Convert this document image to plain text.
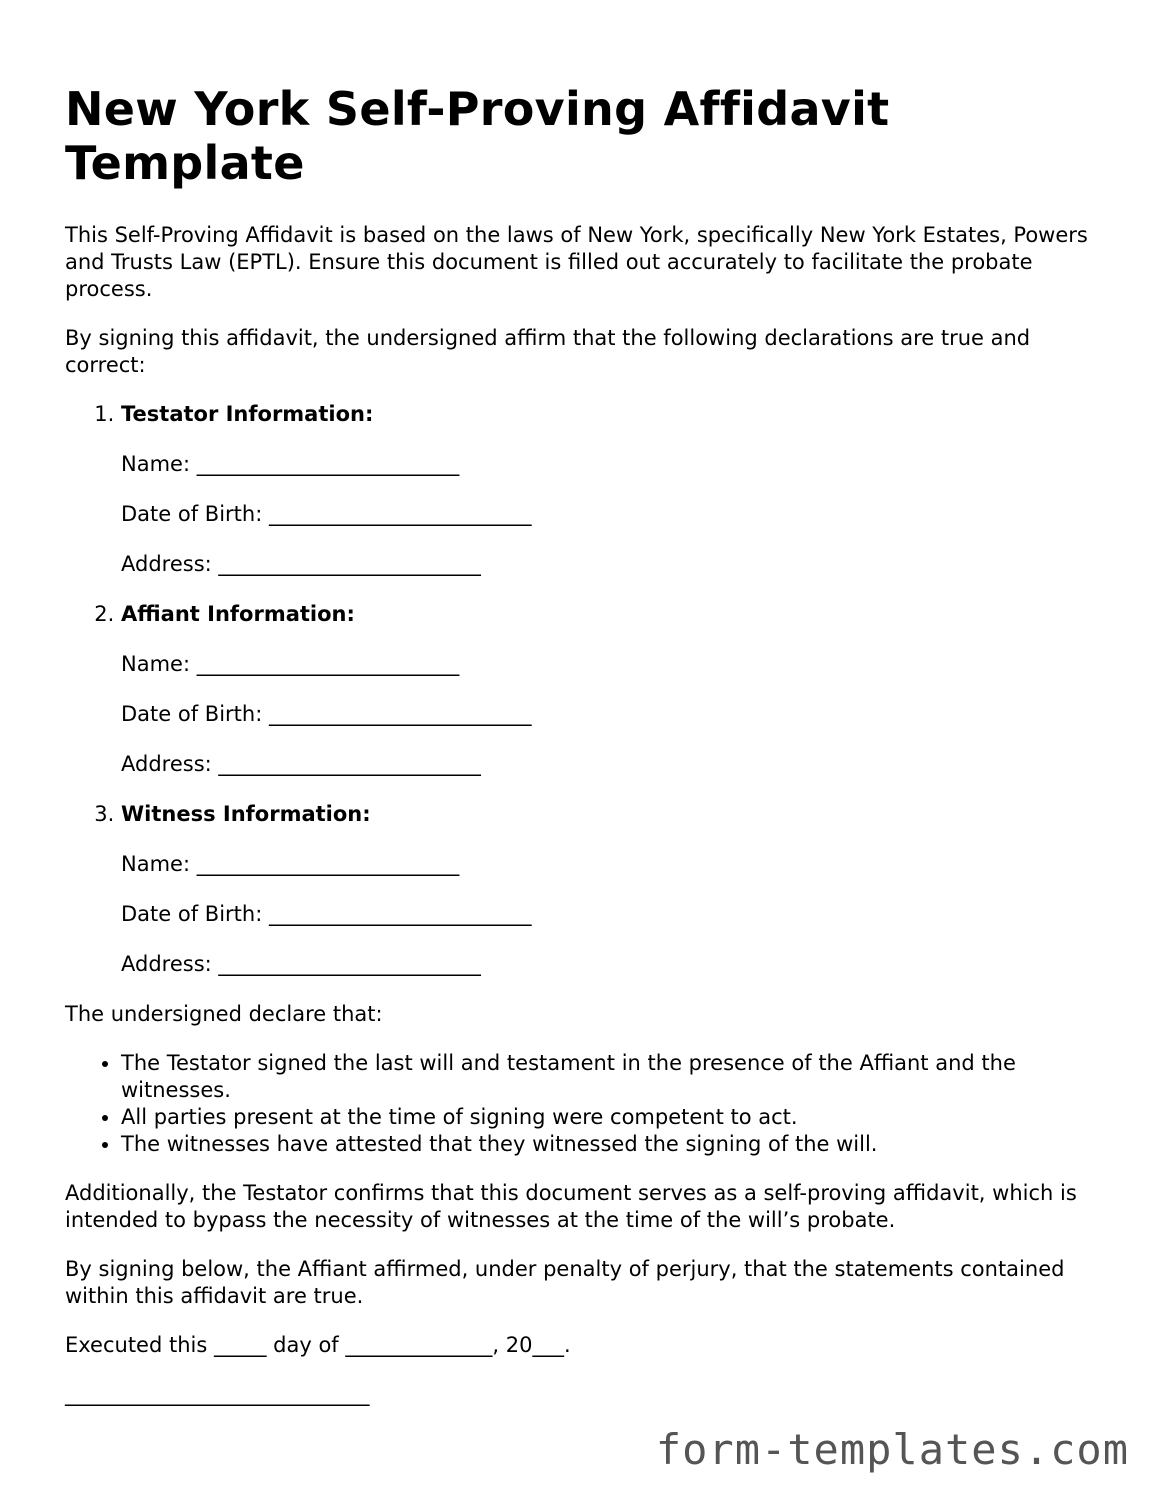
New York Self-Proving Affidavit Template

This Self-Proving Affidavit is based on the laws of New York, specifically New York Estates, Powers and Trusts Law (EPTL). Ensure this document is filled out accurately to facilitate the probate process.

By signing this affidavit, the undersigned affirm that the following declarations are true and correct:

1. Testator Information:
Name: _________________________
Date of Birth: _________________________
Address: _________________________
2. Affiant Information:
Name: _________________________
Date of Birth: _________________________
Address: _________________________
3. Witness Information:
Name: _________________________
Date of Birth: _________________________
Address: _________________________

The undersigned declare that:

• The Testator signed the last will and testament in the presence of the Affiant and the witnesses.
• All parties present at the time of signing were competent to act.
• The witnesses have attested that they witnessed the signing of the will.

Additionally, the Testator confirms that this document serves as a self-proving affidavit, which is intended to bypass the necessity of witnesses at the time of the will’s probate.

By signing below, the Affiant affirmed, under penalty of perjury, that the statements contained within this affidavit are true.

Executed this _____ day of ______________, 20___.

_____________________________
form-templates.com
